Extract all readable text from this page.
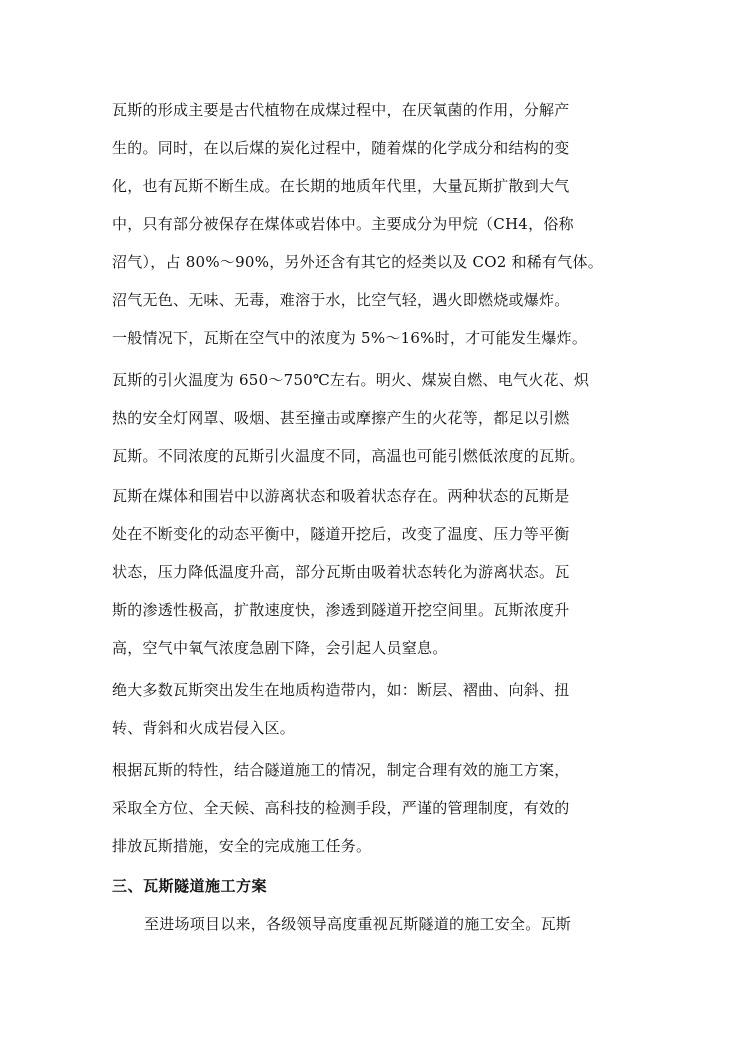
瓦斯的形成主要是古代植物在成煤过程中，在厌氧菌的作用，分解产
生的。同时，在以后煤的炭化过程中，随着煤的化学成分和结构的变
化，也有瓦斯不断生成。在长期的地质年代里，大量瓦斯扩散到大气
中，只有部分被保存在煤体或岩体中。主要成分为甲烷（CH4，俗称
沼气），占 80%～90%，另外还含有其它的烃类以及 CO2 和稀有气体。
沼气无色、无味、无毒，难溶于水，比空气轻，遇火即燃烧或爆炸。
一般情况下，瓦斯在空气中的浓度为 5%～16%时，才可能发生爆炸。
瓦斯的引火温度为 650～750℃左右。明火、煤炭自燃、电气火花、炽
热的安全灯网罩、吸烟、甚至撞击或摩擦产生的火花等，都足以引燃
瓦斯。不同浓度的瓦斯引火温度不同，高温也可能引燃低浓度的瓦斯。
瓦斯在煤体和围岩中以游离状态和吸着状态存在。两种状态的瓦斯是
处在不断变化的动态平衡中，隧道开挖后，改变了温度、压力等平衡
状态，压力降低温度升高，部分瓦斯由吸着状态转化为游离状态。瓦
斯的渗透性极高，扩散速度快，渗透到隧道开挖空间里。瓦斯浓度升
高，空气中氧气浓度急剧下降，会引起人员窒息。
绝大多数瓦斯突出发生在地质构造带内，如：断层、褶曲、向斜、扭
转、背斜和火成岩侵入区。
根据瓦斯的特性，结合隧道施工的情况，制定合理有效的施工方案，
采取全方位、全天候、高科技的检测手段，严谨的管理制度，有效的
排放瓦斯措施，安全的完成施工任务。
三、瓦斯隧道施工方案
至进场项目以来，各级领导高度重视瓦斯隧道的施工安全。瓦斯
